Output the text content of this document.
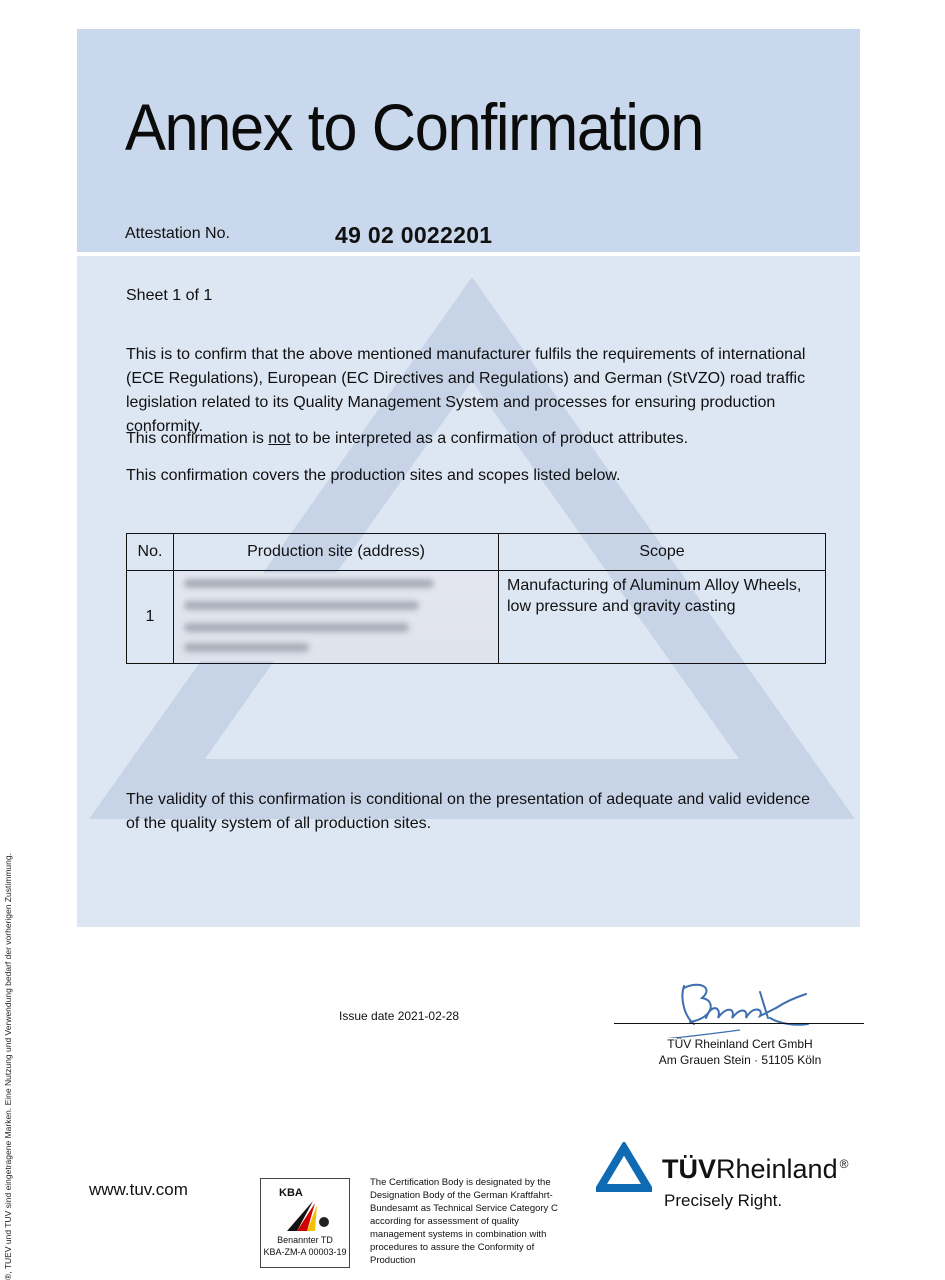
Annex to Confirmation
Attestation No.	49 02 0022201
Sheet 1 of 1

This is to confirm that the above mentioned manufacturer fulfils the requirements of international (ECE Regulations), European (EC Directives and Regulations) and German (StVZO) road traffic legislation related to its Quality Management System and processes for ensuring production conformity.

This confirmation is not to be interpreted as a confirmation of product attributes.

This confirmation covers the production sites and scopes listed below.

No.	Production site (address)	Scope
1		Manufacturing of Aluminum Alloy Wheels, low pressure and gravity casting

The validity of this confirmation is conditional on the presentation of adequate and valid evidence of the quality system of all production sites.

Issue date 2021-02-28
TÜV Rheinland Cert GmbH
Am Grauen Stein · 51105 Köln
www.tuv.com	KBA
Benannter TD
KBA-ZM-A 00003-19
The Certification Body is designated by the Designation Body of the German Kraftfahrt-Bundesamt as Technical Service Category C according for assessment of quality management systems in combination with procedures to assure the Conformity of Production
TÜVRheinland ®
Precisely Right.
®, TUEV und TUV sind eingetragene Marken. Eine Nutzung und Verwendung bedarf der vorherigen Zustimmung.
